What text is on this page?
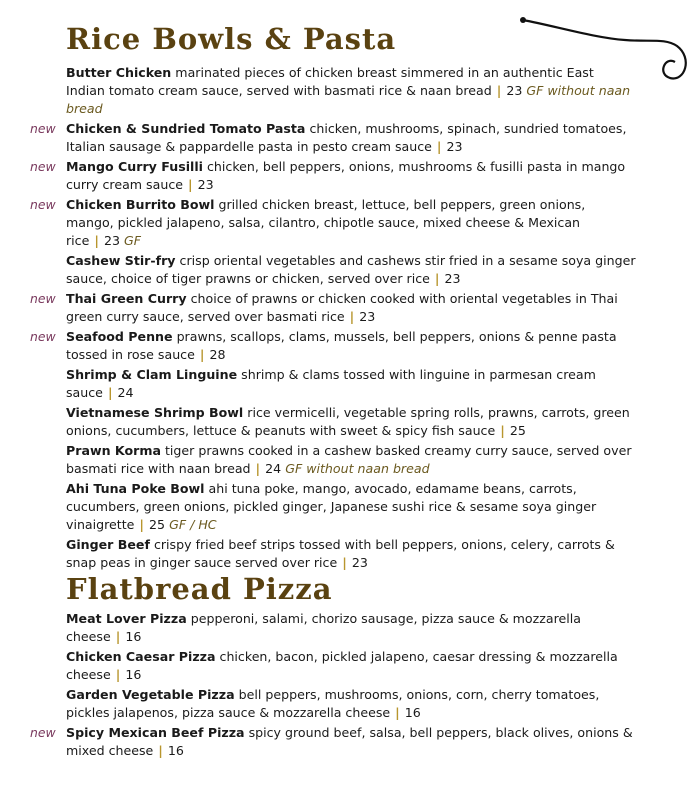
Rice Bowls & Pasta
Butter Chicken marinated pieces of chicken breast simmered in an authentic East Indian tomato cream sauce, served with basmati rice & naan bread | 23 GF without naan bread
new Chicken & Sundried Tomato Pasta chicken, mushrooms, spinach, sundried tomatoes, Italian sausage & pappardelle pasta in pesto cream sauce | 23
new Mango Curry Fusilli chicken, bell peppers, onions, mushrooms & fusilli pasta in mango curry cream sauce | 23
new Chicken Burrito Bowl grilled chicken breast, lettuce, bell peppers, green onions, mango, pickled jalapeno, salsa, cilantro, chipotle sauce, mixed cheese & Mexican rice | 23 GF
Cashew Stir-fry crisp oriental vegetables and cashews stir fried in a sesame soya ginger sauce, choice of tiger prawns or chicken, served over rice | 23
new Thai Green Curry choice of prawns or chicken cooked with oriental vegetables in Thai green curry sauce, served over basmati rice | 23
new Seafood Penne prawns, scallops, clams, mussels, bell peppers, onions & penne pasta tossed in rose sauce | 28
Shrimp & Clam Linguine shrimp & clams tossed with linguine in parmesan cream sauce | 24
Vietnamese Shrimp Bowl rice vermicelli, vegetable spring rolls, prawns, carrots, green onions, cucumbers, lettuce & peanuts with sweet & spicy fish sauce | 25
Prawn Korma tiger prawns cooked in a cashew basked creamy curry sauce, served over basmati rice with naan bread | 24 GF without naan bread
Ahi Tuna Poke Bowl ahi tuna poke, mango, avocado, edamame beans, carrots, cucumbers, green onions, pickled ginger, Japanese sushi rice & sesame soya ginger vinaigrette | 25 GF / HC
Ginger Beef crispy fried beef strips tossed with bell peppers, onions, celery, carrots & snap peas in ginger sauce served over rice | 23
Flatbread Pizza
Meat Lover Pizza pepperoni, salami, chorizo sausage, pizza sauce & mozzarella cheese | 16
Chicken Caesar Pizza chicken, bacon, pickled jalapeno, caesar dressing & mozzarella cheese | 16
Garden Vegetable Pizza bell peppers, mushrooms, onions, corn, cherry tomatoes, pickles jalapenos, pizza sauce & mozzarella cheese | 16
new Spicy Mexican Beef Pizza spicy ground beef, salsa, bell peppers, black olives, onions & mixed cheese | 16
